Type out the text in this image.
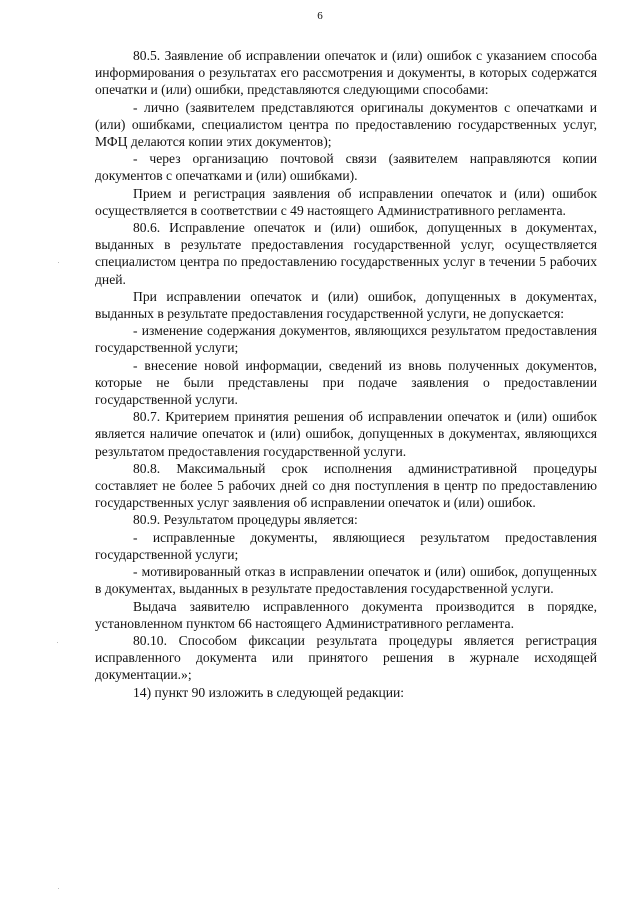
6

80.5. Заявление об исправлении опечаток и (или) ошибок с указанием способа информирования о результатах его рассмотрения и документы, в которых содержатся опечатки и (или) ошибки, представляются следующими способами:

- лично (заявителем представляются оригиналы документов с опечатками и (или) ошибками, специалистом центра по предоставлению государственных услуг, МФЦ делаются копии этих документов);

- через организацию почтовой связи (заявителем направляются копии документов с опечатками и (или) ошибками).

Прием и регистрация заявления об исправлении опечаток и (или) ошибок осуществляется в соответствии с 49 настоящего Административного регламента.

80.6. Исправление опечаток и (или) ошибок, допущенных в документах, выданных в результате предоставления государственной услуг, осуществляется специалистом центра по предоставлению государственных услуг в течении 5 рабочих дней.

При исправлении опечаток и (или) ошибок, допущенных в документах, выданных в результате предоставления государственной услуги, не допускается:

- изменение содержания документов, являющихся результатом предоставления государственной услуги;

- внесение новой информации, сведений из вновь полученных документов, которые не были представлены при подаче заявления о предоставлении государственной услуги.

80.7. Критерием принятия решения об исправлении опечаток и (или) ошибок является наличие опечаток и (или) ошибок, допущенных в документах, являющихся результатом предоставления государственной услуги.

80.8. Максимальный срок исполнения административной процедуры составляет не более 5 рабочих дней со дня поступления в центр по предоставлению государственных услуг заявления об исправлении опечаток и (или) ошибок.

80.9. Результатом процедуры является:

- исправленные документы, являющиеся результатом предоставления государственной услуги;

- мотивированный отказ в исправлении опечаток и (или) ошибок, допущенных в документах, выданных в результате предоставления государственной услуги.

Выдача заявителю исправленного документа производится в порядке, установленном пунктом 66 настоящего Административного регламента.

80.10. Способом фиксации результата процедуры является регистрация исправленного документа или принятого решения в журнале исходящей документации.»;

14) пункт 90 изложить в следующей редакции:
